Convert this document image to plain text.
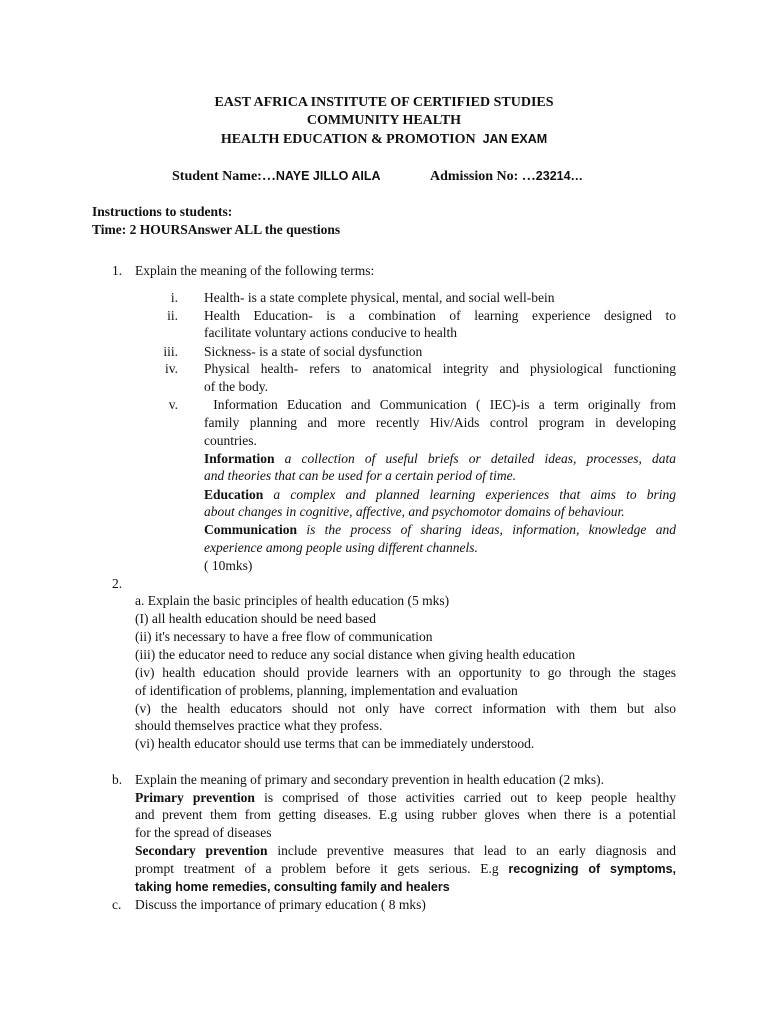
EAST AFRICA INSTITUTE OF CERTIFIED STUDIES
COMMUNITY HEALTH
HEALTH EDUCATION & PROMOTION JAN EXAM
Student Name:…NAYE JILLO AILA	Admission No: …23214…
Instructions to students:
Time: 2 HOURSAnswer ALL the questions
1. Explain the meaning of the following terms:
i. Health- is a state complete physical, mental, and social well-bein
ii. Health Education- is a combination of learning experience designed to
facilitate voluntary actions conducive to health
iii. Sickness- is a state of social dysfunction
iv. Physical health- refers to anatomical integrity and physiological functioning
of the body.
v. Information Education and Communication ( IEC)-is a term originally from
family planning and more recently Hiv/Aids control program in developing
countries.
Information a collection of useful briefs or detailed ideas, processes, data
and theories that can be used for a certain period of time.
Education a complex and planned learning experiences that aims to bring
about changes in cognitive, affective, and psychomotor domains of behaviour.
Communication is the process of sharing ideas, information, knowledge and
experience among people using different channels.
( 10mks)
2.
a. Explain the basic principles of health education (5 mks)
(I) all health education should be need based
(ii) it's necessary to have a free flow of communication
(iii) the educator need to reduce any social distance when giving health education
(iv) health education should provide learners with an opportunity to go through the stages
of identification of problems, planning, implementation and evaluation
(v) the health educators should not only have correct information with them but also
should themselves practice what they profess.
(vi) health educator should use terms that can be immediately understood.
b. Explain the meaning of primary and secondary prevention in health education (2 mks).
Primary prevention is comprised of those activities carried out to keep people healthy
and prevent them from getting diseases. E.g using rubber gloves when there is a potential
for the spread of diseases
Secondary prevention include preventive measures that lead to an early diagnosis and
prompt treatment of a problem before it gets serious. E.g recognizing of symptoms,
taking home remedies, consulting family and healers
c. Discuss the importance of primary education ( 8 mks)
